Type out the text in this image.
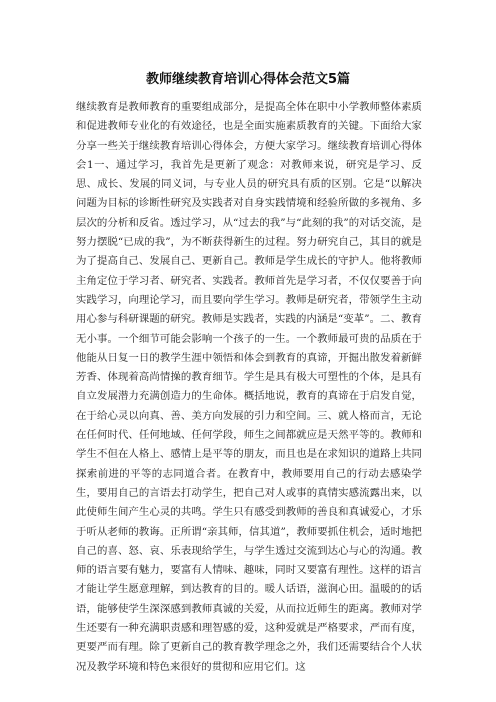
教师继续教育培训心得体会范文5篇

继续教育是教师教育的重要组成部分，是提高全体在职中小学教师整体素质和促进教师专业化的有效途径，也是全面实施素质教育的关键。下面给大家分享一些关于继续教育培训心得体会，方便大家学习。继续教育培训心得体会1一、通过学习，我首先是更新了观念：对教师来说，研究是学习、反思、成长、发展的同义词，与专业人员的研究具有质的区别。它是“以解决问题为目标的诊断性研究及实践者对自身实践情境和经验所做的多视角、多层次的分析和反省。透过学习，从“过去的我”与“此刻的我”的对话交流，是努力摆脱“已成的我”，为不断获得新生的过程。努力研究自己，其目的就是为了提高自己、发展自己、更新自己。教师是学生成长的守护人。他将教师主角定位于学习者、研究者、实践者。教师首先是学习者，不仅仅要善于向实践学习，向理论学习，而且要向学生学习。教师是研究者，带领学生主动用心参与科研课题的研究。教师是实践者，实践的内涵是“变革”。二、教育无小事。一个细节可能会影响一个孩子的一生。一个教师最可贵的品质在于他能从日复一日的教学生涯中领悟和体会到教育的真谛，开掘出散发着新鲜芳香、体现着高尚情操的教育细节。学生是具有极大可塑性的个体，是具有自立发展潜力充满创造力的生命体。概括地说，教育的真谛在于启发自觉，在于给心灵以向真、善、美方向发展的引力和空间。三、就人格而言，无论在任何时代、任何地域、任何学段，师生之间都就应是天然平等的。教师和学生不但在人格上、感情上是平等的朋友，而且也是在求知识的道路上共同探索前进的平等的志同道合者。在教育中，教师要用自己的行动去感染学生，要用自己的言语去打动学生，把自己对人或事的真情实感流露出来，以此使师生间产生心灵的共鸣。学生只有感受到教师的善良和真诚爱心，才乐于听从老师的教诲。正所谓“亲其师，信其道”，教师要抓住机会，适时地把自己的喜、怒、哀、乐表现给学生，与学生透过交流到达心与心的沟通。教师的语言要有魅力，要富有人情味、趣味，同时又要富有理性。这样的语言才能让学生愿意理解，到达教育的目的。暖人话语，滋润心田。温暖的的话语，能够使学生深深感到教师真诚的关爱，从而拉近师生的距离。教师对学生还要有一种充满职责感和理智感的爱，这种爱就是严格要求，严而有度，更要严而有理。除了更新自己的教育教学理念之外，我们还需要结合个人状况及教学环境和特色来很好的贯彻和应用它们。这
